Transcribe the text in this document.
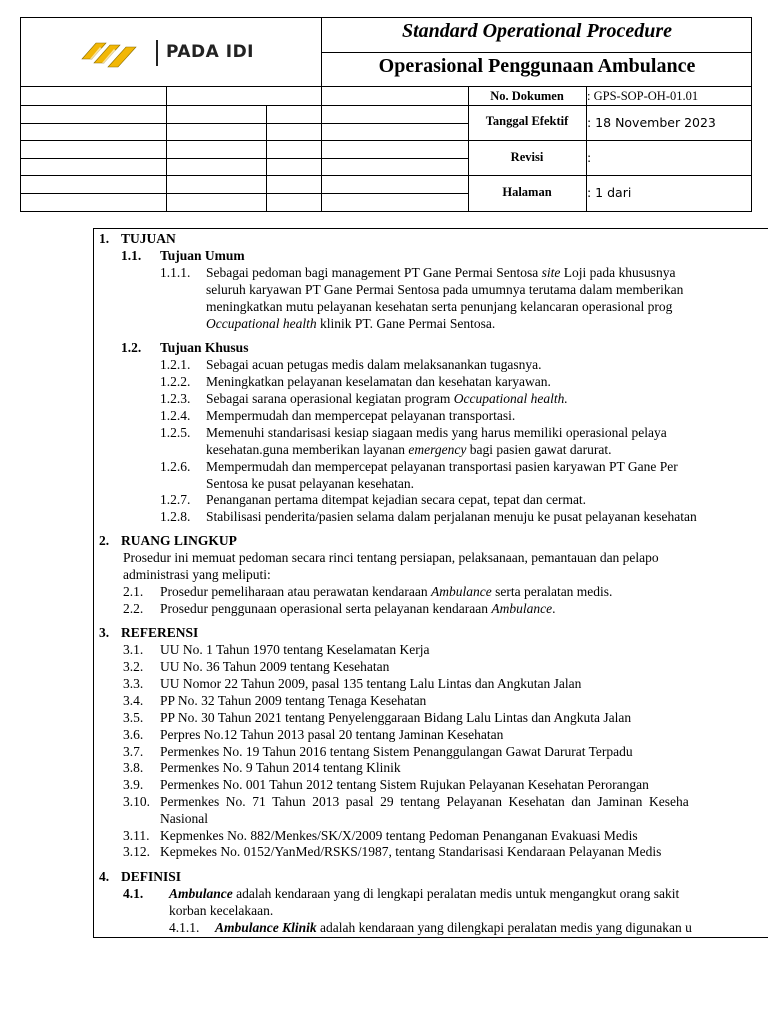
PADA IDI
Standard Operational Procedure
Operasional Penggunaan Ambulance
No. Dokumen	: GPS-SOP-OH-01.01
Tanggal Efektif	: 18 November 2023
Revisi	:
Halaman	: 1 dari
1. TUJUAN
1.1. Tujuan Umum
1.1.1. Sebagai pedoman bagi management PT Gane Permai Sentosa site Loji pada khususnya
seluruh karyawan PT Gane Permai Sentosa pada umumnya terutama dalam memberikan
meningkatkan mutu pelayanan kesehatan serta penunjang kelancaran operasional prog
Occupational health klinik PT. Gane Permai Sentosa.
1.2. Tujuan Khusus
1.2.1. Sebagai acuan petugas medis dalam melaksanankan tugasnya.
1.2.2. Meningkatkan pelayanan keselamatan dan kesehatan karyawan.
1.2.3. Sebagai sarana operasional kegiatan program Occupational health.
1.2.4. Mempermudah dan mempercepat pelayanan transportasi.
1.2.5. Memenuhi standarisasi kesiap siagaan medis yang harus memiliki operasional pelaya
kesehatan.guna memberikan layanan emergency bagi pasien gawat darurat.
1.2.6. Mempermudah dan mempercepat pelayanan transportasi pasien karyawan PT Gane Per
Sentosa ke pusat pelayanan kesehatan.
1.2.7. Penanganan pertama ditempat kejadian secara cepat, tepat dan cermat.
1.2.8. Stabilisasi penderita/pasien selama dalam perjalanan menuju ke pusat pelayanan kesehatan
2. RUANG LINGKUP
Prosedur ini memuat pedoman secara rinci tentang persiapan, pelaksanaan, pemantauan dan pelapo
administrasi yang meliputi:
2.1. Prosedur pemeliharaan atau perawatan kendaraan Ambulance serta peralatan medis.
2.2. Prosedur penggunaan operasional serta pelayanan kendaraan Ambulance.
3. REFERENSI
3.1. UU No. 1 Tahun 1970 tentang Keselamatan Kerja
3.2. UU No. 36 Tahun 2009 tentang Kesehatan
3.3. UU Nomor 22 Tahun 2009, pasal 135 tentang Lalu Lintas dan Angkutan Jalan
3.4. PP No. 32 Tahun 2009 tentang Tenaga Kesehatan
3.5. PP No. 30 Tahun 2021 tentang Penyelenggaraan Bidang Lalu Lintas dan Angkuta Jalan
3.6. Perpres No.12 Tahun 2013 pasal 20 tentang Jaminan Kesehatan
3.7. Permenkes No. 19 Tahun 2016 tentang Sistem Penanggulangan Gawat Darurat Terpadu
3.8. Permenkes No. 9 Tahun 2014 tentang Klinik
3.9. Permenkes No. 001 Tahun 2012 tentang Sistem Rujukan Pelayanan Kesehatan Perorangan
3.10. Permenkes No. 71 Tahun 2013 pasal 29 tentang Pelayanan Kesehatan dan Jaminan Keseha
Nasional
3.11. Kepmenkes No. 882/Menkes/SK/X/2009 tentang Pedoman Penanganan Evakuasi Medis
3.12. Kepmekes No. 0152/YanMed/RSKS/1987, tentang Standarisasi Kendaraan Pelayanan Medis
4. DEFINISI
4.1. Ambulance adalah kendaraan yang di lengkapi peralatan medis untuk mengangkut orang sakit
korban kecelakaan.
4.1.1. Ambulance Klinik adalah kendaraan yang dilengkapi peralatan medis yang digunakan u
